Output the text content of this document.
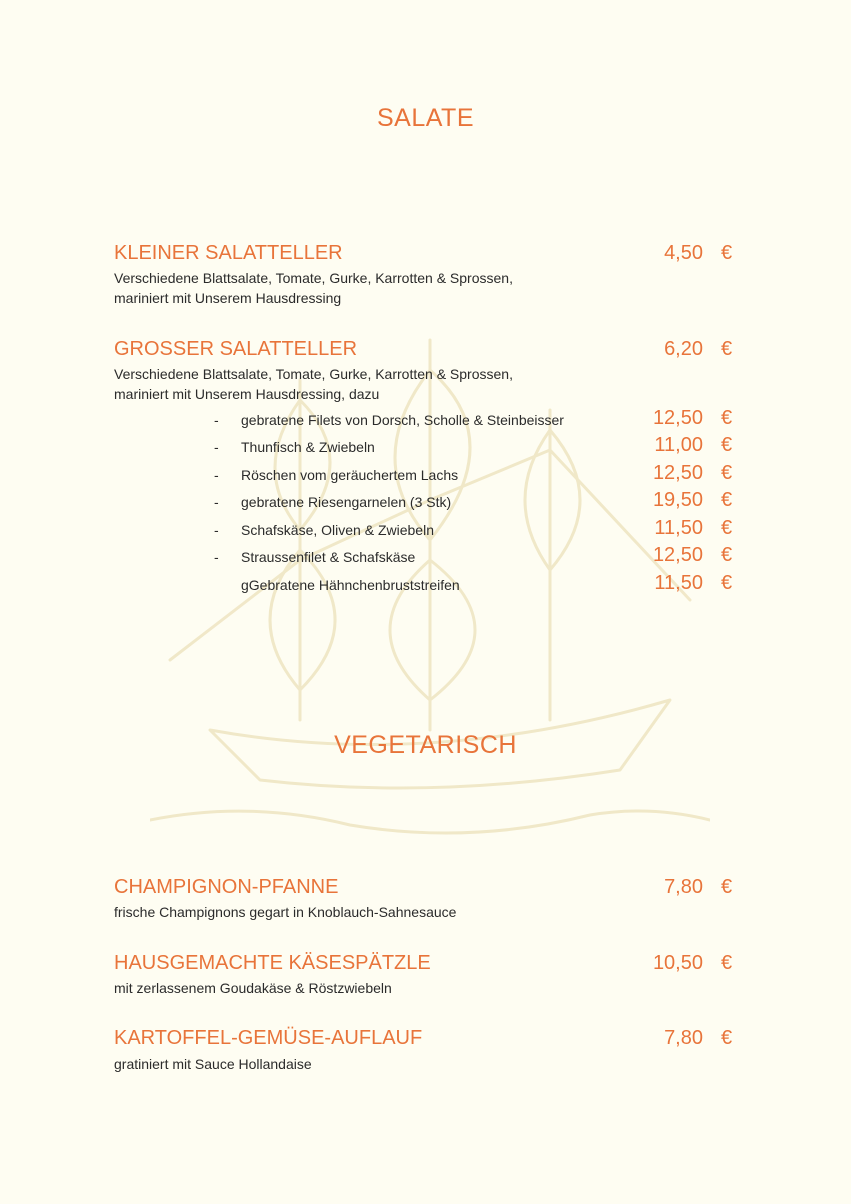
SALATE
KLEINER SALATTELLER	4,50 €
Verschiedene Blattsalate, Tomate, Gurke, Karrotten & Sprossen,
mariniert mit Unserem Hausdressing
GROSSER SALATTELLER	6,20 €
Verschiedene Blattsalate, Tomate, Gurke, Karrotten & Sprossen,
mariniert mit Unserem Hausdressing, dazu
- gebratene Filets von Dorsch, Scholle & Steinbeisser	12,50 €
- Thunfisch & Zwiebeln	11,00 €
- Röschen vom geräuchertem Lachs	12,50 €
- gebratene Riesengarnelen (3 Stk)	19,50 €
- Schafskäse, Oliven & Zwiebeln	11,50 €
- Straussenfilet & Schafskäse	12,50 €
gGebratene Hähnchenbruststreifen	11,50 €
VEGETARISCH
CHAMPIGNON-PFANNE	7,80 €
frische Champignons gegart in Knoblauch-Sahnesauce
HAUSGEMACHTE KÄSESPÄTZLE	10,50 €
mit zerlassenem Goudakäse & Röstzwiebeln
KARTOFFEL-GEMÜSE-AUFLAUF	7,80 €
gratiniert mit Sauce Hollandaise
